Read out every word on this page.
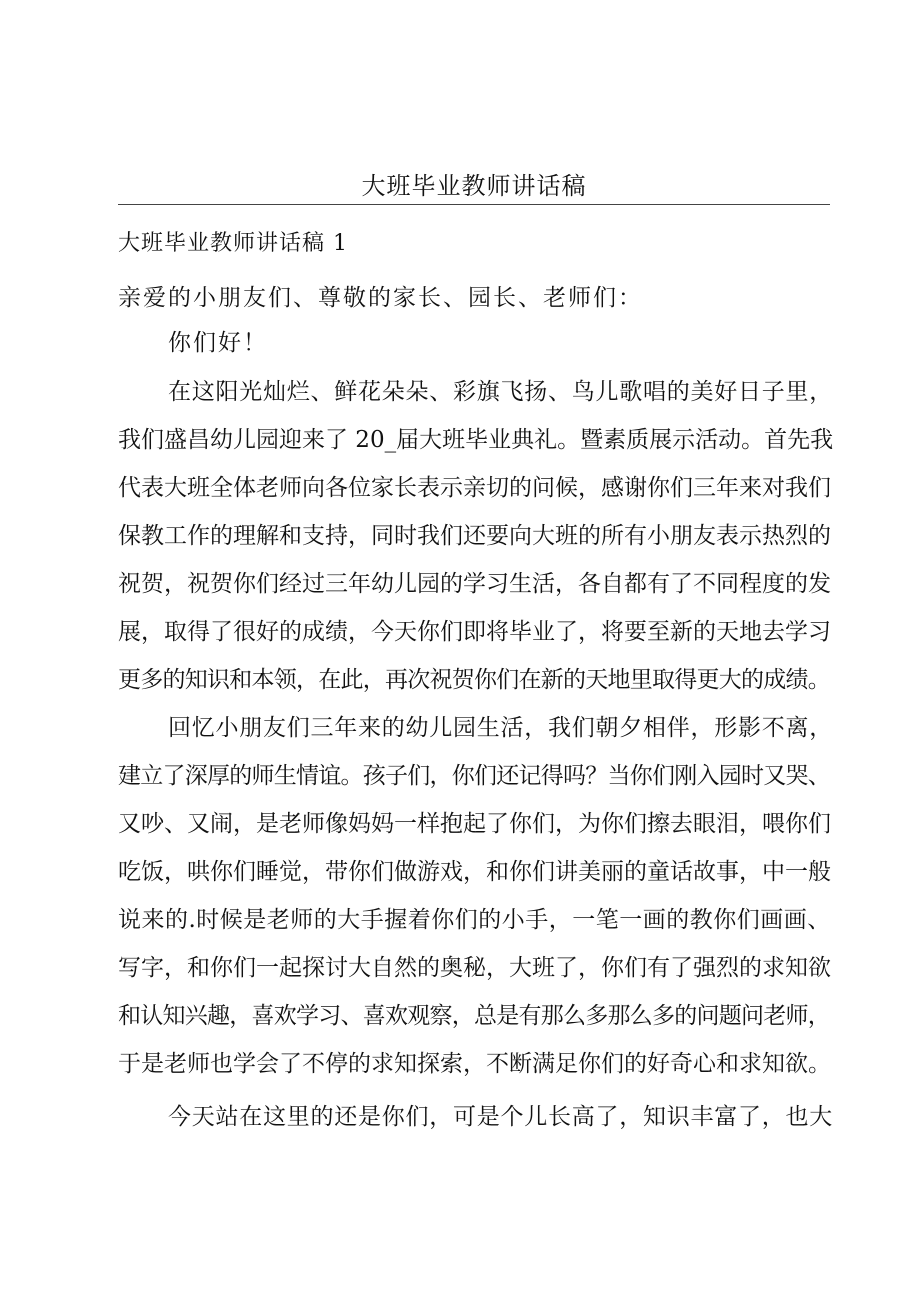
大班毕业教师讲话稿
大班毕业教师讲话稿 1
亲爱的小朋友们、尊敬的家长、园长、老师们：
你们好！
在这阳光灿烂、鲜花朵朵、彩旗飞扬、鸟儿歌唱的美好日子里，
我们盛昌幼儿园迎来了 20_届大班毕业典礼。暨素质展示活动。首先我
代表大班全体老师向各位家长表示亲切的问候，感谢你们三年来对我们
保教工作的理解和支持，同时我们还要向大班的所有小朋友表示热烈的
祝贺，祝贺你们经过三年幼儿园的学习生活，各自都有了不同程度的发
展，取得了很好的成绩，今天你们即将毕业了，将要至新的天地去学习
更多的知识和本领，在此，再次祝贺你们在新的天地里取得更大的成绩。
回忆小朋友们三年来的幼儿园生活，我们朝夕相伴，形影不离，
建立了深厚的师生情谊。孩子们，你们还记得吗？当你们刚入园时又哭、
又吵、又闹，是老师像妈妈一样抱起了你们，为你们擦去眼泪，喂你们
吃饭，哄你们睡觉，带你们做游戏，和你们讲美丽的童话故事，中一般
说来的.时候是老师的大手握着你们的小手，一笔一画的教你们画画、
写字，和你们一起探讨大自然的奥秘，大班了，你们有了强烈的求知欲
和认知兴趣，喜欢学习、喜欢观察，总是有那么多那么多的问题问老师，
于是老师也学会了不停的求知探索，不断满足你们的好奇心和求知欲。
今天站在这里的还是你们，可是个儿长高了，知识丰富了，也大
